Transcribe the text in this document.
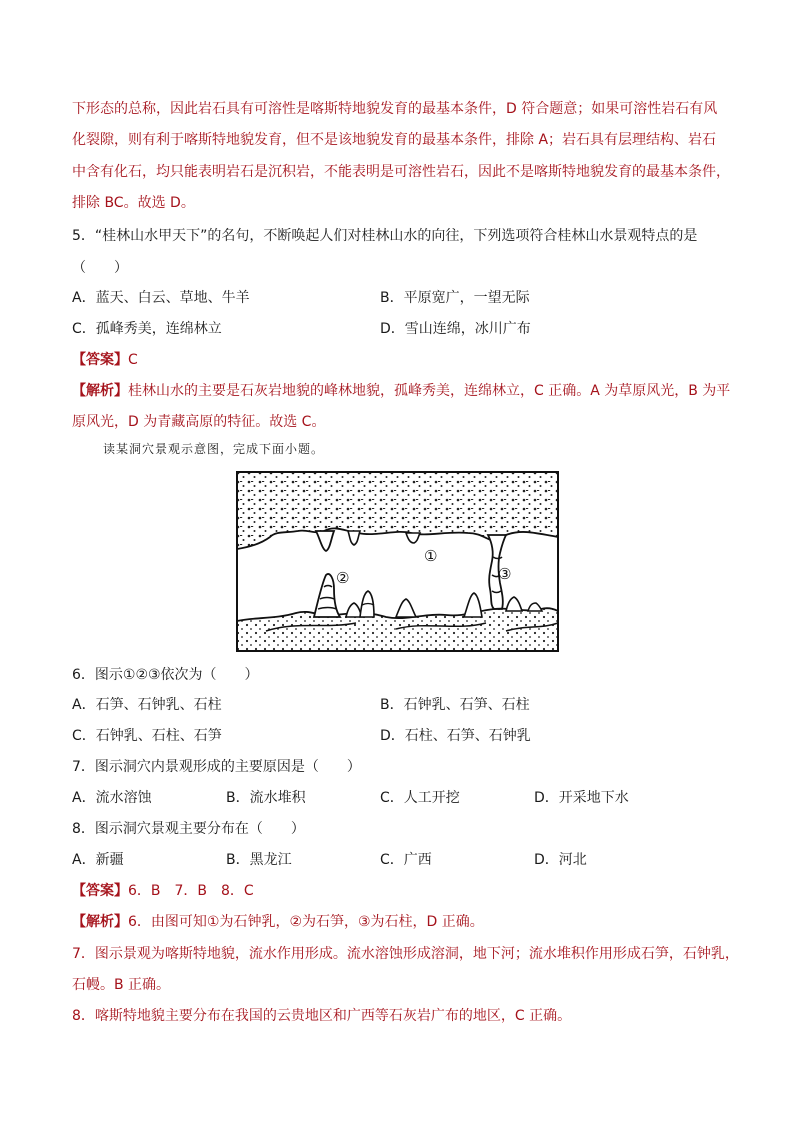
下形态的总称，因此岩石具有可溶性是喀斯特地貌发育的最基本条件，D 符合题意；如果可溶性岩石有风
化裂隙，则有利于喀斯特地貌发育，但不是该地貌发育的最基本条件，排除 A；岩石具有层理结构、岩石
中含有化石，均只能表明岩石是沉积岩，不能表明是可溶性岩石，因此不是喀斯特地貌发育的最基本条件，
排除 BC。故选 D。
5．“桂林山水甲天下”的名句，不断唤起人们对桂林山水的向往，下列选项符合桂林山水景观特点的是
（　　）
A．蓝天、白云、草地、牛羊	B．平原宽广，一望无际
C．孤峰秀美，连绵林立	D．雪山连绵，冰川广布
【答案】C
【解析】桂林山水的主要是石灰岩地貌的峰林地貌，孤峰秀美，连绵林立，C 正确。A 为草原风光，B 为平
原风光，D 为青藏高原的特征。故选 C。
读某洞穴景观示意图，完成下面小题。
①
②	③
6．图示①②③依次为（　　）
A．石笋、石钟乳、石柱	B．石钟乳、石笋、石柱
C．石钟乳、石柱、石笋	D．石柱、石笋、石钟乳
7．图示洞穴内景观形成的主要原因是（　　）
A．流水溶蚀	B．流水堆积	C．人工开挖	D．开采地下水
8．图示洞穴景观主要分布在（　　）
A．新疆	B．黑龙江	C．广西	D．河北
【答案】6．B　7．B　8．C
【解析】6．由图可知①为石钟乳，②为石笋，③为石柱，D 正确。
7．图示景观为喀斯特地貌，流水作用形成。流水溶蚀形成溶洞，地下河；流水堆积作用形成石笋，石钟乳，
石幔。B 正确。
8．喀斯特地貌主要分布在我国的云贵地区和广西等石灰岩广布的地区，C 正确。
